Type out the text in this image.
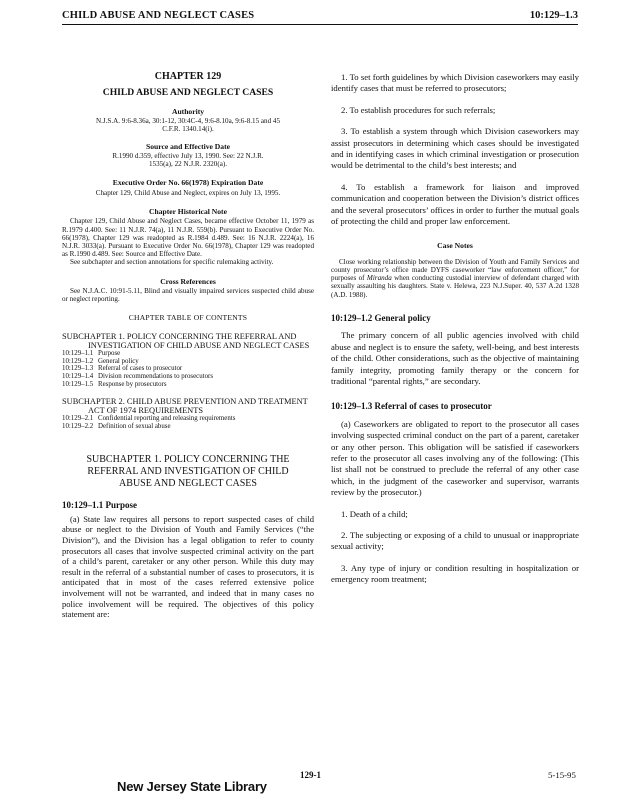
CHILD ABUSE AND NEGLECT CASES	10:129–1.3

CHAPTER 129

CHILD ABUSE AND NEGLECT CASES

Authority

N.J.S.A. 9:6-8.36a, 30:1-12, 30:4C-4, 9:6-8.10a, 9:6-8.15 and 45 C.F.R. 1340.14(i).

Source and Effective Date

R.1990 d.359, effective July 13, 1990. See: 22 N.J.R. 1535(a), 22 N.J.R. 2320(a).

Executive Order No. 66(1978) Expiration Date

Chapter 129, Child Abuse and Neglect, expires on July 13, 1995.

Chapter Historical Note

Chapter 129, Child Abuse and Neglect Cases, became effective October 11, 1979 as R.1979 d.400. See: 11 N.J.R. 74(a), 11 N.J.R. 559(b). Pursuant to Executive Order No. 66(1978), Chapter 129 was readopted as R.1984 d.489. See: 16 N.J.R. 2224(a), 16 N.J.R. 3033(a). Pursuant to Executive Order No. 66(1978), Chapter 129 was readopted as R.1990 d.489. See: Source and Effective Date.

See subchapter and section annotations for specific rulemaking activity.

Cross References

See N.J.A.C. 10:91-5.11, Blind and visually impaired services suspected child abuse or neglect reporting.

CHAPTER TABLE OF CONTENTS

SUBCHAPTER 1. POLICY CONCERNING THE REFERRAL AND INVESTIGATION OF CHILD ABUSE AND NEGLECT CASES

10:129–1.1 Purpose
10:129–1.2 General policy
10:129–1.3 Referral of cases to prosecutor
10:129–1.4 Division recommendations to prosecutors
10:129–1.5 Response by prosecutors

SUBCHAPTER 2. CHILD ABUSE PREVENTION AND TREATMENT ACT OF 1974 REQUIREMENTS

10:129–2.1 Confidential reporting and releasing requirements
10:129–2.2 Definition of sexual abuse

SUBCHAPTER 1. POLICY CONCERNING THE REFERRAL AND INVESTIGATION OF CHILD ABUSE AND NEGLECT CASES

10:129–1.1 Purpose

(a) State law requires all persons to report suspected cases of child abuse or neglect to the Division of Youth and Family Services (“the Division”), and the Division has a legal obligation to refer to county prosecutors all cases that involve suspected criminal activity on the part of a child’s parent, caretaker or any other person. While this duty may result in the referral of a substantial number of cases to prosecutors, it is anticipated that in most of the cases referred extensive police involvement will not be warranted, and indeed that in many cases no police involvement will be required. The objectives of this policy statement are:

1. To set forth guidelines by which Division caseworkers may easily identify cases that must be referred to prosecutors;

2. To establish procedures for such referrals;

3. To establish a system through which Division caseworkers may assist prosecutors in determining which cases should be investigated and in identifying cases in which criminal investigation or prosecution would be detrimental to the child’s best interests; and

4. To establish a framework for liaison and improved communication and cooperation between the Division’s district offices and the several prosecutors’ offices in order to further the mutual goals of protecting the child and proper law enforcement.

Case Notes

Close working relationship between the Division of Youth and Family Services and county prosecutor’s office made DYFS caseworker “law enforcement officer,” for purposes of Miranda when conducting custodial interview of defendant charged with sexually assaulting his daughters. State v. Helewa, 223 N.J.Super. 40, 537 A.2d 1328 (A.D. 1988).

10:129–1.2 General policy

The primary concern of all public agencies involved with child abuse and neglect is to ensure the safety, well-being, and best interests of the child. Other considerations, such as the objective of maintaining family integrity, promoting family therapy or the concern for traditional “parental rights,” are secondary.

10:129–1.3 Referral of cases to prosecutor

(a) Caseworkers are obligated to report to the prosecutor all cases involving suspected criminal conduct on the part of a parent, caretaker or any other person. This obligation will be satisfied if caseworkers refer to the prosecutor all cases involving any of the following: (This list shall not be construed to preclude the referral of any other case which, in the judgment of the caseworker and supervisor, warrants review by the prosecutor.)

1. Death of a child;

2. The subjecting or exposing of a child to unusual or inappropriate sexual activity;

3. Any type of injury or condition resulting in hospitalization or emergency room treatment;

129-1	5-15-95
New Jersey State Library
